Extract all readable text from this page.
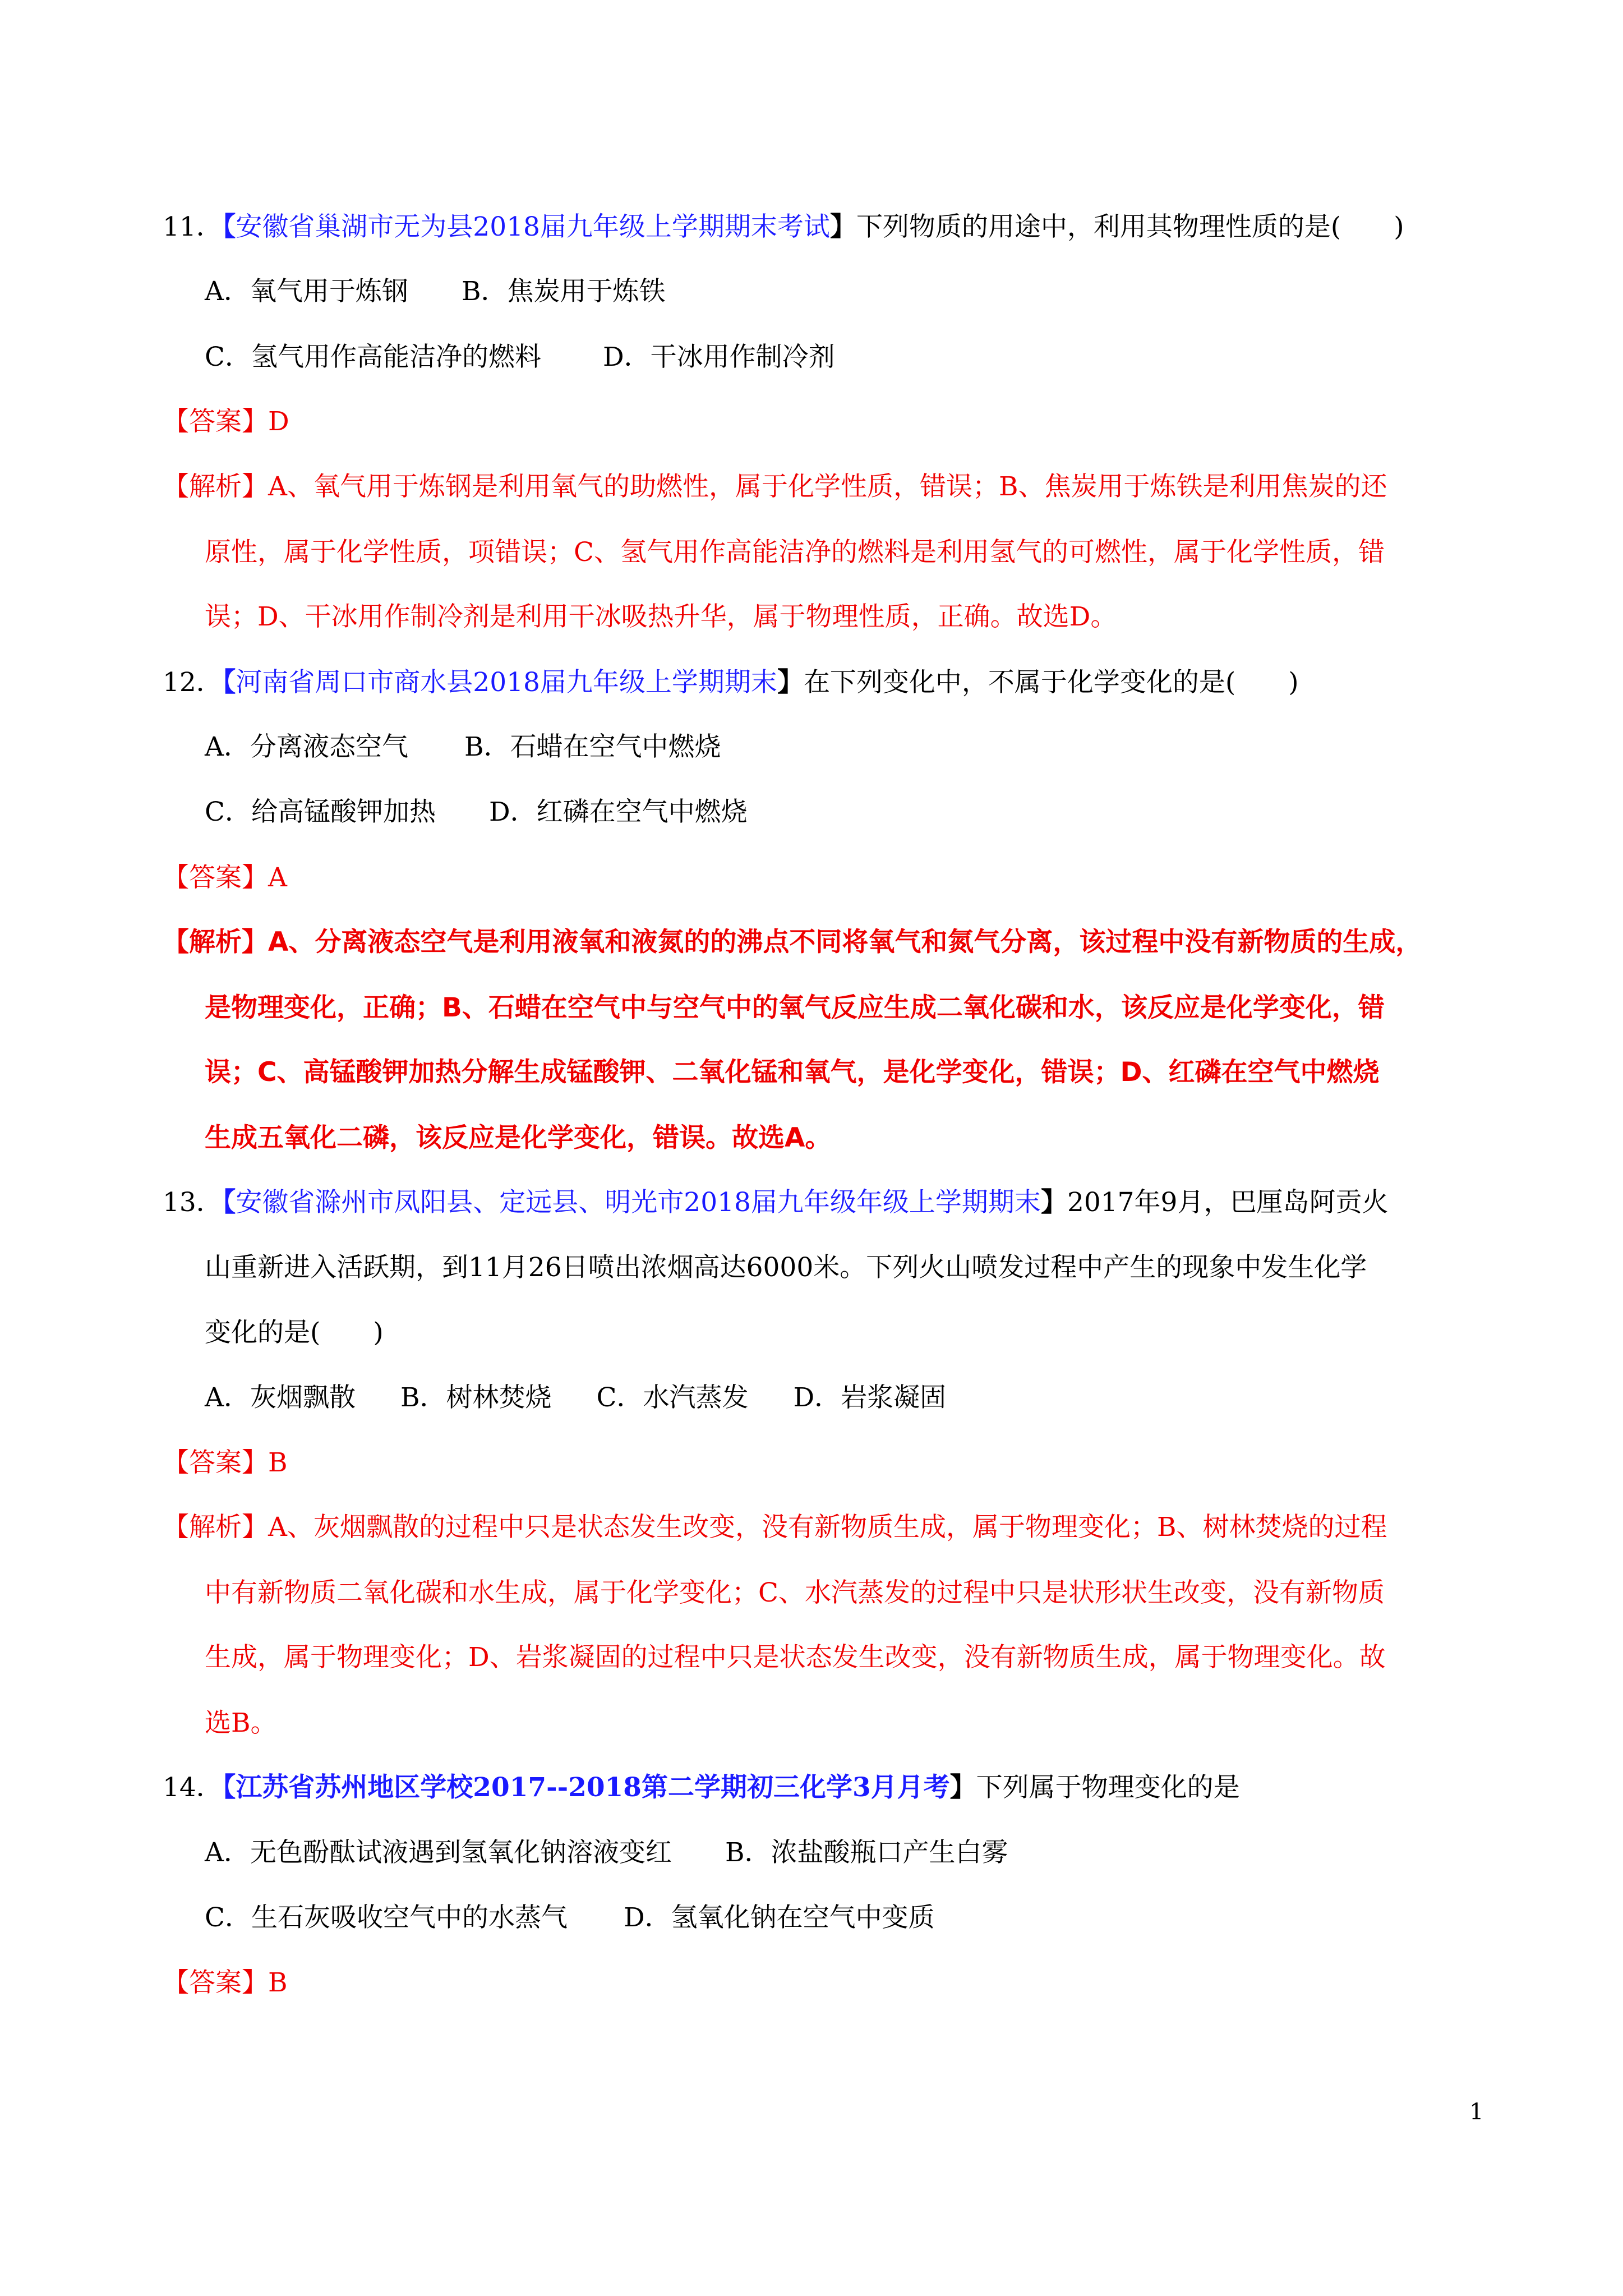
11．【安徽省巢湖市无为县2018届九年级上学期期末考试】下列物质的用途中，利用其物理性质的是(　　)
A．氧气用于炼钢 B．焦炭用于炼铁
C．氢气用作高能洁净的燃料 D．干冰用作制冷剂
【答案】D
【解析】A、氧气用于炼钢是利用氧气的助燃性，属于化学性质，错误；B、焦炭用于炼铁是利用焦炭的还
原性，属于化学性质，项错误；C、氢气用作高能洁净的燃料是利用氢气的可燃性，属于化学性质，错
误；D、干冰用作制冷剂是利用干冰吸热升华，属于物理性质，正确。故选D。
12．【河南省周口市商水县2018届九年级上学期期末】在下列变化中，不属于化学变化的是(　　)
A．分离液态空气 B．石蜡在空气中燃烧
C．给高锰酸钾加热 D．红磷在空气中燃烧
【答案】A
【解析】A、分离液态空气是利用液氧和液氮的的沸点不同将氧气和氮气分离，该过程中没有新物质的生成，
是物理变化，正确；B、石蜡在空气中与空气中的氧气反应生成二氧化碳和水，该反应是化学变化，错
误；C、高锰酸钾加热分解生成锰酸钾、二氧化锰和氧气，是化学变化，错误；D、红磷在空气中燃烧
生成五氧化二磷，该反应是化学变化，错误。故选A。
13．【安徽省滁州市凤阳县、定远县、明光市2018届九年级年级上学期期末】2017年9月，巴厘岛阿贡火
山重新进入活跃期，到11月26日喷出浓烟高达6000米。下列火山喷发过程中产生的现象中发生化学
变化的是(　　)
A．灰烟飘散 B．树林焚烧 C．水汽蒸发 D．岩浆凝固
【答案】B
【解析】A、灰烟飘散的过程中只是状态发生改变，没有新物质生成，属于物理变化；B、树林焚烧的过程
中有新物质二氧化碳和水生成，属于化学变化；C、水汽蒸发的过程中只是状形状生改变，没有新物质
生成，属于物理变化；D、岩浆凝固的过程中只是状态发生改变，没有新物质生成，属于物理变化。故
选B。
14．【江苏省苏州地区学校2017--2018第二学期初三化学3月月考】下列属于物理变化的是
A．无色酚酞试液遇到氢氧化钠溶液变红 B．浓盐酸瓶口产生白雾
C．生石灰吸收空气中的水蒸气 D．氢氧化钠在空气中变质
【答案】B
1
